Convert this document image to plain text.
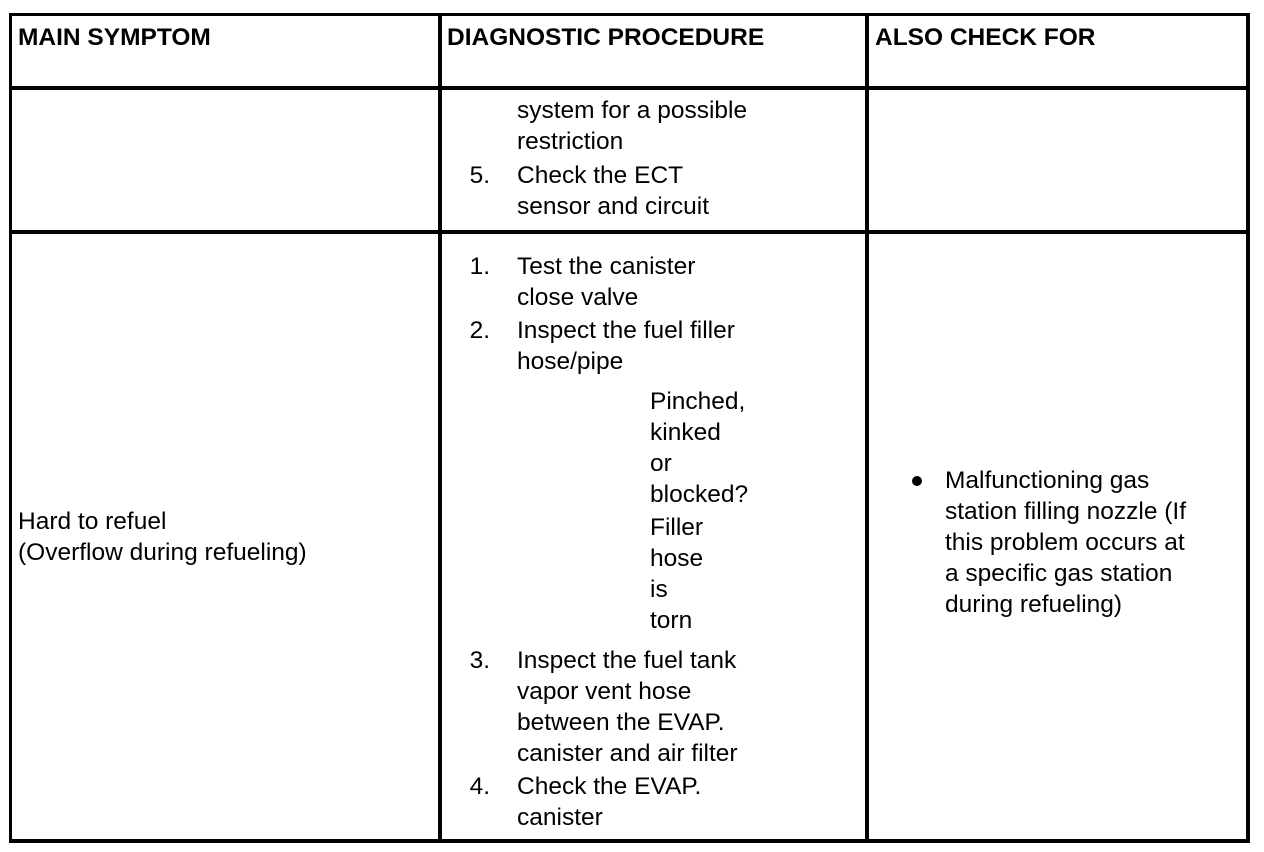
MAIN SYMPTOM	DIAGNOSTIC PROCEDURE	ALSO CHECK FOR
system for a possible
restriction
5. Check the ECT
sensor and circuit
Hard to refuel
(Overflow during refueling)
1. Test the canister
close valve
2. Inspect the fuel filler
hose/pipe
Pinched,
kinked
or
blocked?
Filler
hose
is
torn
3. Inspect the fuel tank
vapor vent hose
between the EVAP.
canister and air filter
4. Check the EVAP.
canister
Malfunctioning gas
station filling nozzle (If
this problem occurs at
a specific gas station
during refueling)
